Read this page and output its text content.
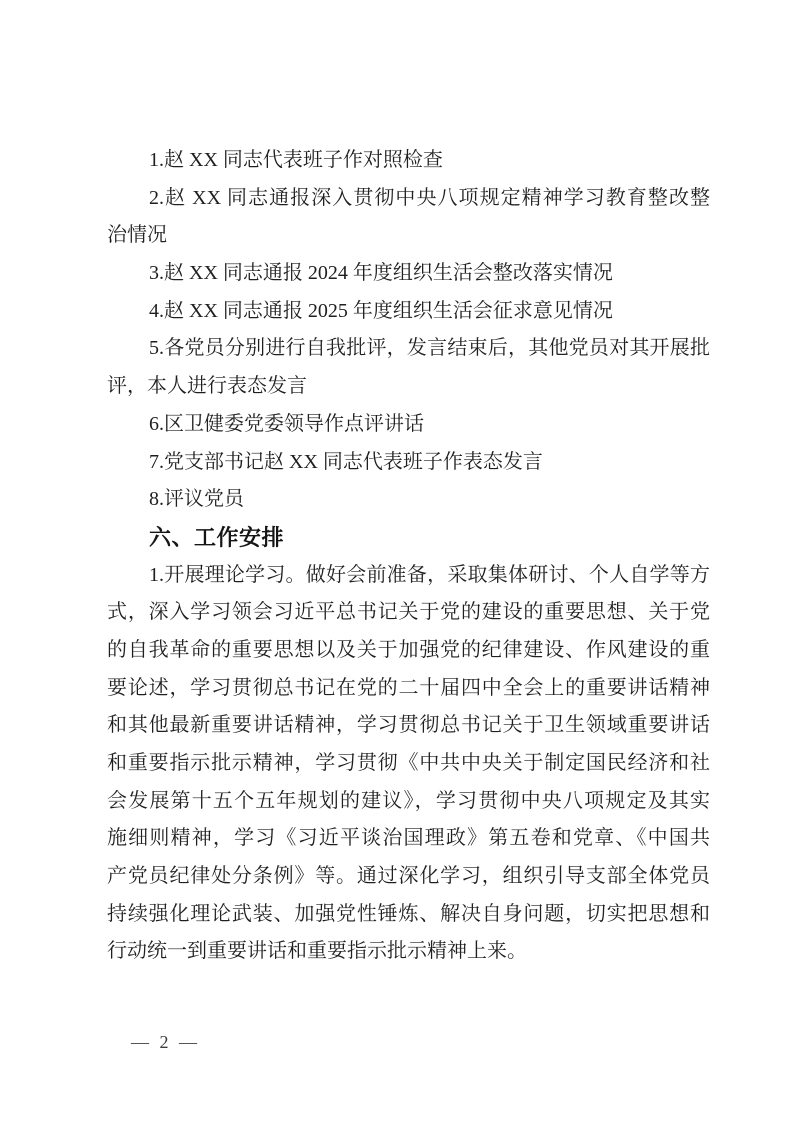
1.赵 XX 同志代表班子作对照检查
2.赵 XX 同志通报深入贯彻中央八项规定精神学习教育整改整
治情况
3.赵 XX 同志通报 2024 年度组织生活会整改落实情况
4.赵 XX 同志通报 2025 年度组织生活会征求意见情况
5.各党员分别进行自我批评，发言结束后，其他党员对其开展批
评，本人进行表态发言
6.区卫健委党委领导作点评讲话
7.党支部书记赵 XX 同志代表班子作表态发言
8.评议党员
六、工作安排
1.开展理论学习。做好会前准备，采取集体研讨、个人自学等方
式，深入学习领会习近平总书记关于党的建设的重要思想、关于党
的自我革命的重要思想以及关于加强党的纪律建设、作风建设的重
要论述，学习贯彻总书记在党的二十届四中全会上的重要讲话精神
和其他最新重要讲话精神，学习贯彻总书记关于卫生领域重要讲话
和重要指示批示精神，学习贯彻《中共中央关于制定国民经济和社
会发展第十五个五年规划的建议》，学习贯彻中央八项规定及其实
施细则精神，学习《习近平谈治国理政》第五卷和党章、《中国共
产党员纪律处分条例》等。通过深化学习，组织引导支部全体党员
持续强化理论武装、加强党性锤炼、解决自身问题，切实把思想和
行动统一到重要讲话和重要指示批示精神上来。
— 2 —
